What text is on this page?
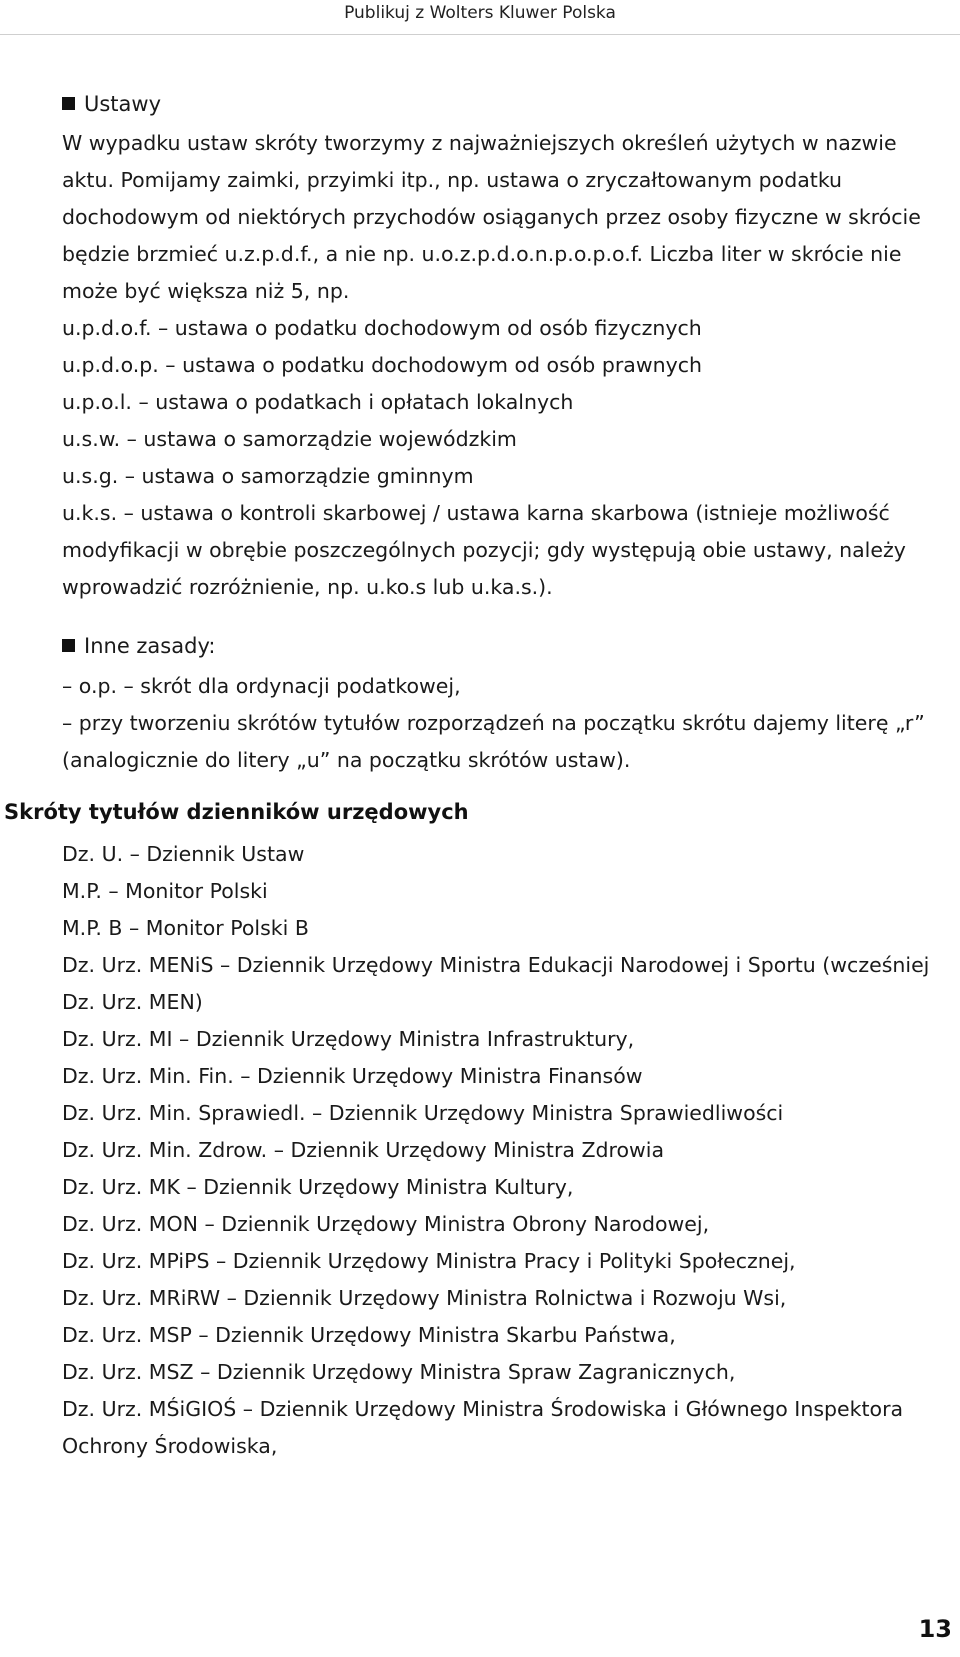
Publikuj z Wolters Kluwer Polska
Ustawy
W wypadku ustaw skróty tworzymy z najważniejszych określeń użytych w nazwie aktu. Pomijamy zaimki, przyimki itp., np. ustawa o zryczałtowanym podatku dochodowym od niektórych przychodów osiąganych przez osoby fizyczne w skrócie będzie brzmieć u.z.p.d.f., a nie np. u.o.z.p.d.o.n.p.o.p.o.f. Liczba liter w skrócie nie może być większa niż 5, np.
u.p.d.o.f. – ustawa o podatku dochodowym od osób fizycznych
u.p.d.o.p. – ustawa o podatku dochodowym od osób prawnych
u.p.o.l. – ustawa o podatkach i opłatach lokalnych
u.s.w. – ustawa o samorządzie wojewódzkim
u.s.g. – ustawa o samorządzie gminnym
u.k.s. – ustawa o kontroli skarbowej / ustawa karna skarbowa (istnieje możliwość modyfikacji w obrębie poszczególnych pozycji; gdy występują obie ustawy, należy wprowadzić rozróżnienie, np. u.ko.s lub u.ka.s.).
Inne zasady:
– o.p. – skrót dla ordynacji podatkowej,
– przy tworzeniu skrótów tytułów rozporządzeń na początku skrótu dajemy literę „r” (analogicznie do litery „u” na początku skrótów ustaw).
Skróty tytułów dzienników urzędowych
Dz. U. – Dziennik Ustaw
M.P. – Monitor Polski
M.P. B – Monitor Polski B
Dz. Urz. MENiS – Dziennik Urzędowy Ministra Edukacji Narodowej i Sportu (wcześniej Dz. Urz. MEN)
Dz. Urz. MI – Dziennik Urzędowy Ministra Infrastruktury,
Dz. Urz. Min. Fin. – Dziennik Urzędowy Ministra Finansów
Dz. Urz. Min. Sprawiedl. – Dziennik Urzędowy Ministra Sprawiedliwości
Dz. Urz. Min. Zdrow. – Dziennik Urzędowy Ministra Zdrowia
Dz. Urz. MK – Dziennik Urzędowy Ministra Kultury,
Dz. Urz. MON – Dziennik Urzędowy Ministra Obrony Narodowej,
Dz. Urz. MPiPS – Dziennik Urzędowy Ministra Pracy i Polityki Społecznej,
Dz. Urz. MRiRW – Dziennik Urzędowy Ministra Rolnictwa i Rozwoju Wsi,
Dz. Urz. MSP – Dziennik Urzędowy Ministra Skarbu Państwa,
Dz. Urz. MSZ – Dziennik Urzędowy Ministra Spraw Zagranicznych,
Dz. Urz. MŚiGIOŚ – Dziennik Urzędowy Ministra Środowiska i Głównego Inspektora Ochrony Środowiska,
13
